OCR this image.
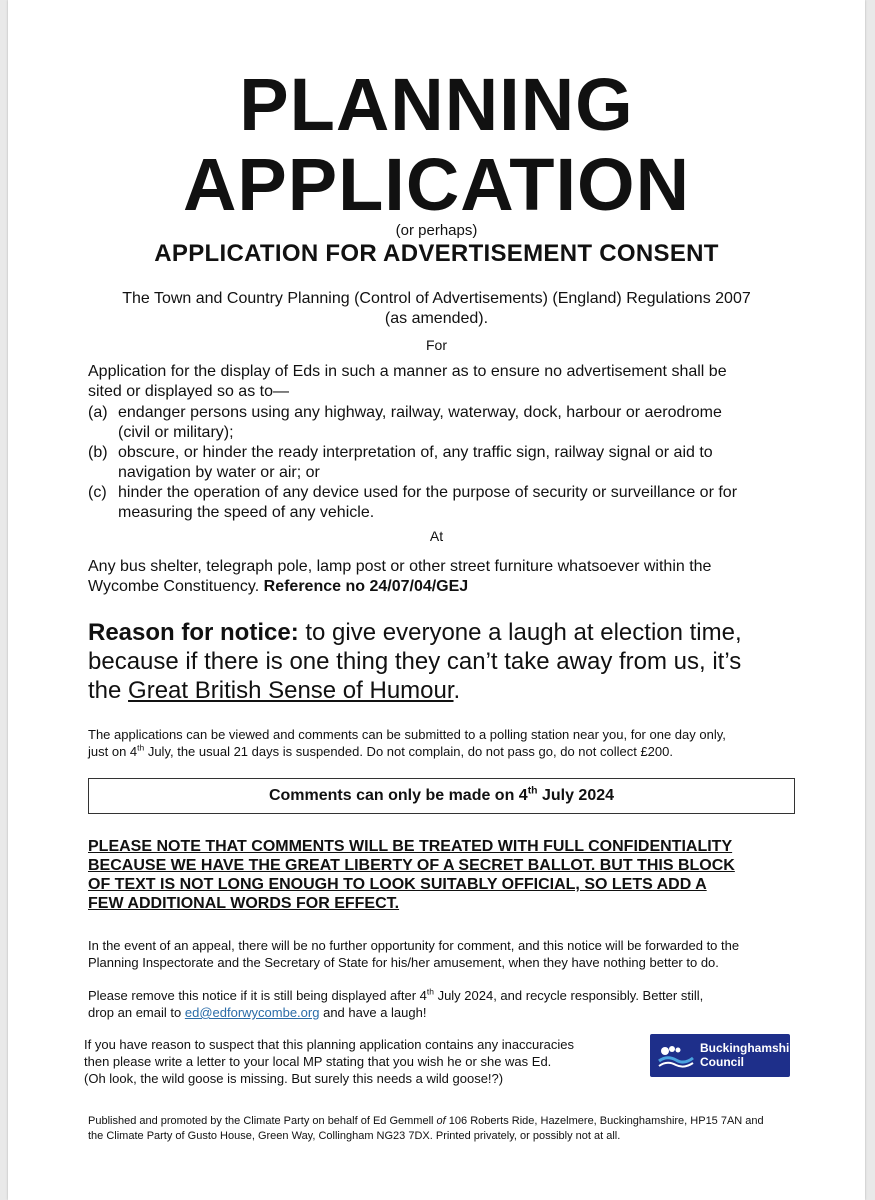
PLANNING
APPLICATION
(or perhaps)
APPLICATION FOR ADVERTISEMENT CONSENT
The Town and Country Planning (Control of Advertisements) (England) Regulations 2007
(as amended).
For
Application for the display of Eds in such a manner as to ensure no advertisement shall be
sited or displayed so as to—
(a) endanger persons using any highway, railway, waterway, dock, harbour or aerodrome
(civil or military);
(b) obscure, or hinder the ready interpretation of, any traffic sign, railway signal or aid to
navigation by water or air; or
(c) hinder the operation of any device used for the purpose of security or surveillance or for
measuring the speed of any vehicle.
At
Any bus shelter, telegraph pole, lamp post or other street furniture whatsoever within the
Wycombe Constituency. Reference no 24/07/04/GEJ
Reason for notice: to give everyone a laugh at election time,
because if there is one thing they can’t take away from us, it’s
the Great British Sense of Humour.
The applications can be viewed and comments can be submitted to a polling station near you, for one day only,
just on 4th July, the usual 21 days is suspended. Do not complain, do not pass go, do not collect £200.
Comments can only be made on 4th July 2024
PLEASE NOTE THAT COMMENTS WILL BE TREATED WITH FULL CONFIDENTIALITY
BECAUSE WE HAVE THE GREAT LIBERTY OF A SECRET BALLOT. BUT THIS BLOCK
OF TEXT IS NOT LONG ENOUGH TO LOOK SUITABLY OFFICIAL, SO LETS ADD A
FEW ADDITIONAL WORDS FOR EFFECT.
In the event of an appeal, there will be no further opportunity for comment, and this notice will be forwarded to the
Planning Inspectorate and the Secretary of State for his/her amusement, when they have nothing better to do.
Please remove this notice if it is still being displayed after 4th July 2024, and recycle responsibly. Better still,
drop an email to ed@edforwycombe.org and have a laugh!
If you have reason to suspect that this planning application contains any inaccuracies
then please write a letter to your local MP stating that you wish he or she was Ed.
(Oh look, the wild goose is missing. But surely this needs a wild goose!?)
Buckinghamshire
Council
Published and promoted by the Climate Party on behalf of Ed Gemmell of 106 Roberts Ride, Hazelmere, Buckinghamshire, HP15 7AN and
the Climate Party of Gusto House, Green Way, Collingham NG23 7DX. Printed privately, or possibly not at all.
